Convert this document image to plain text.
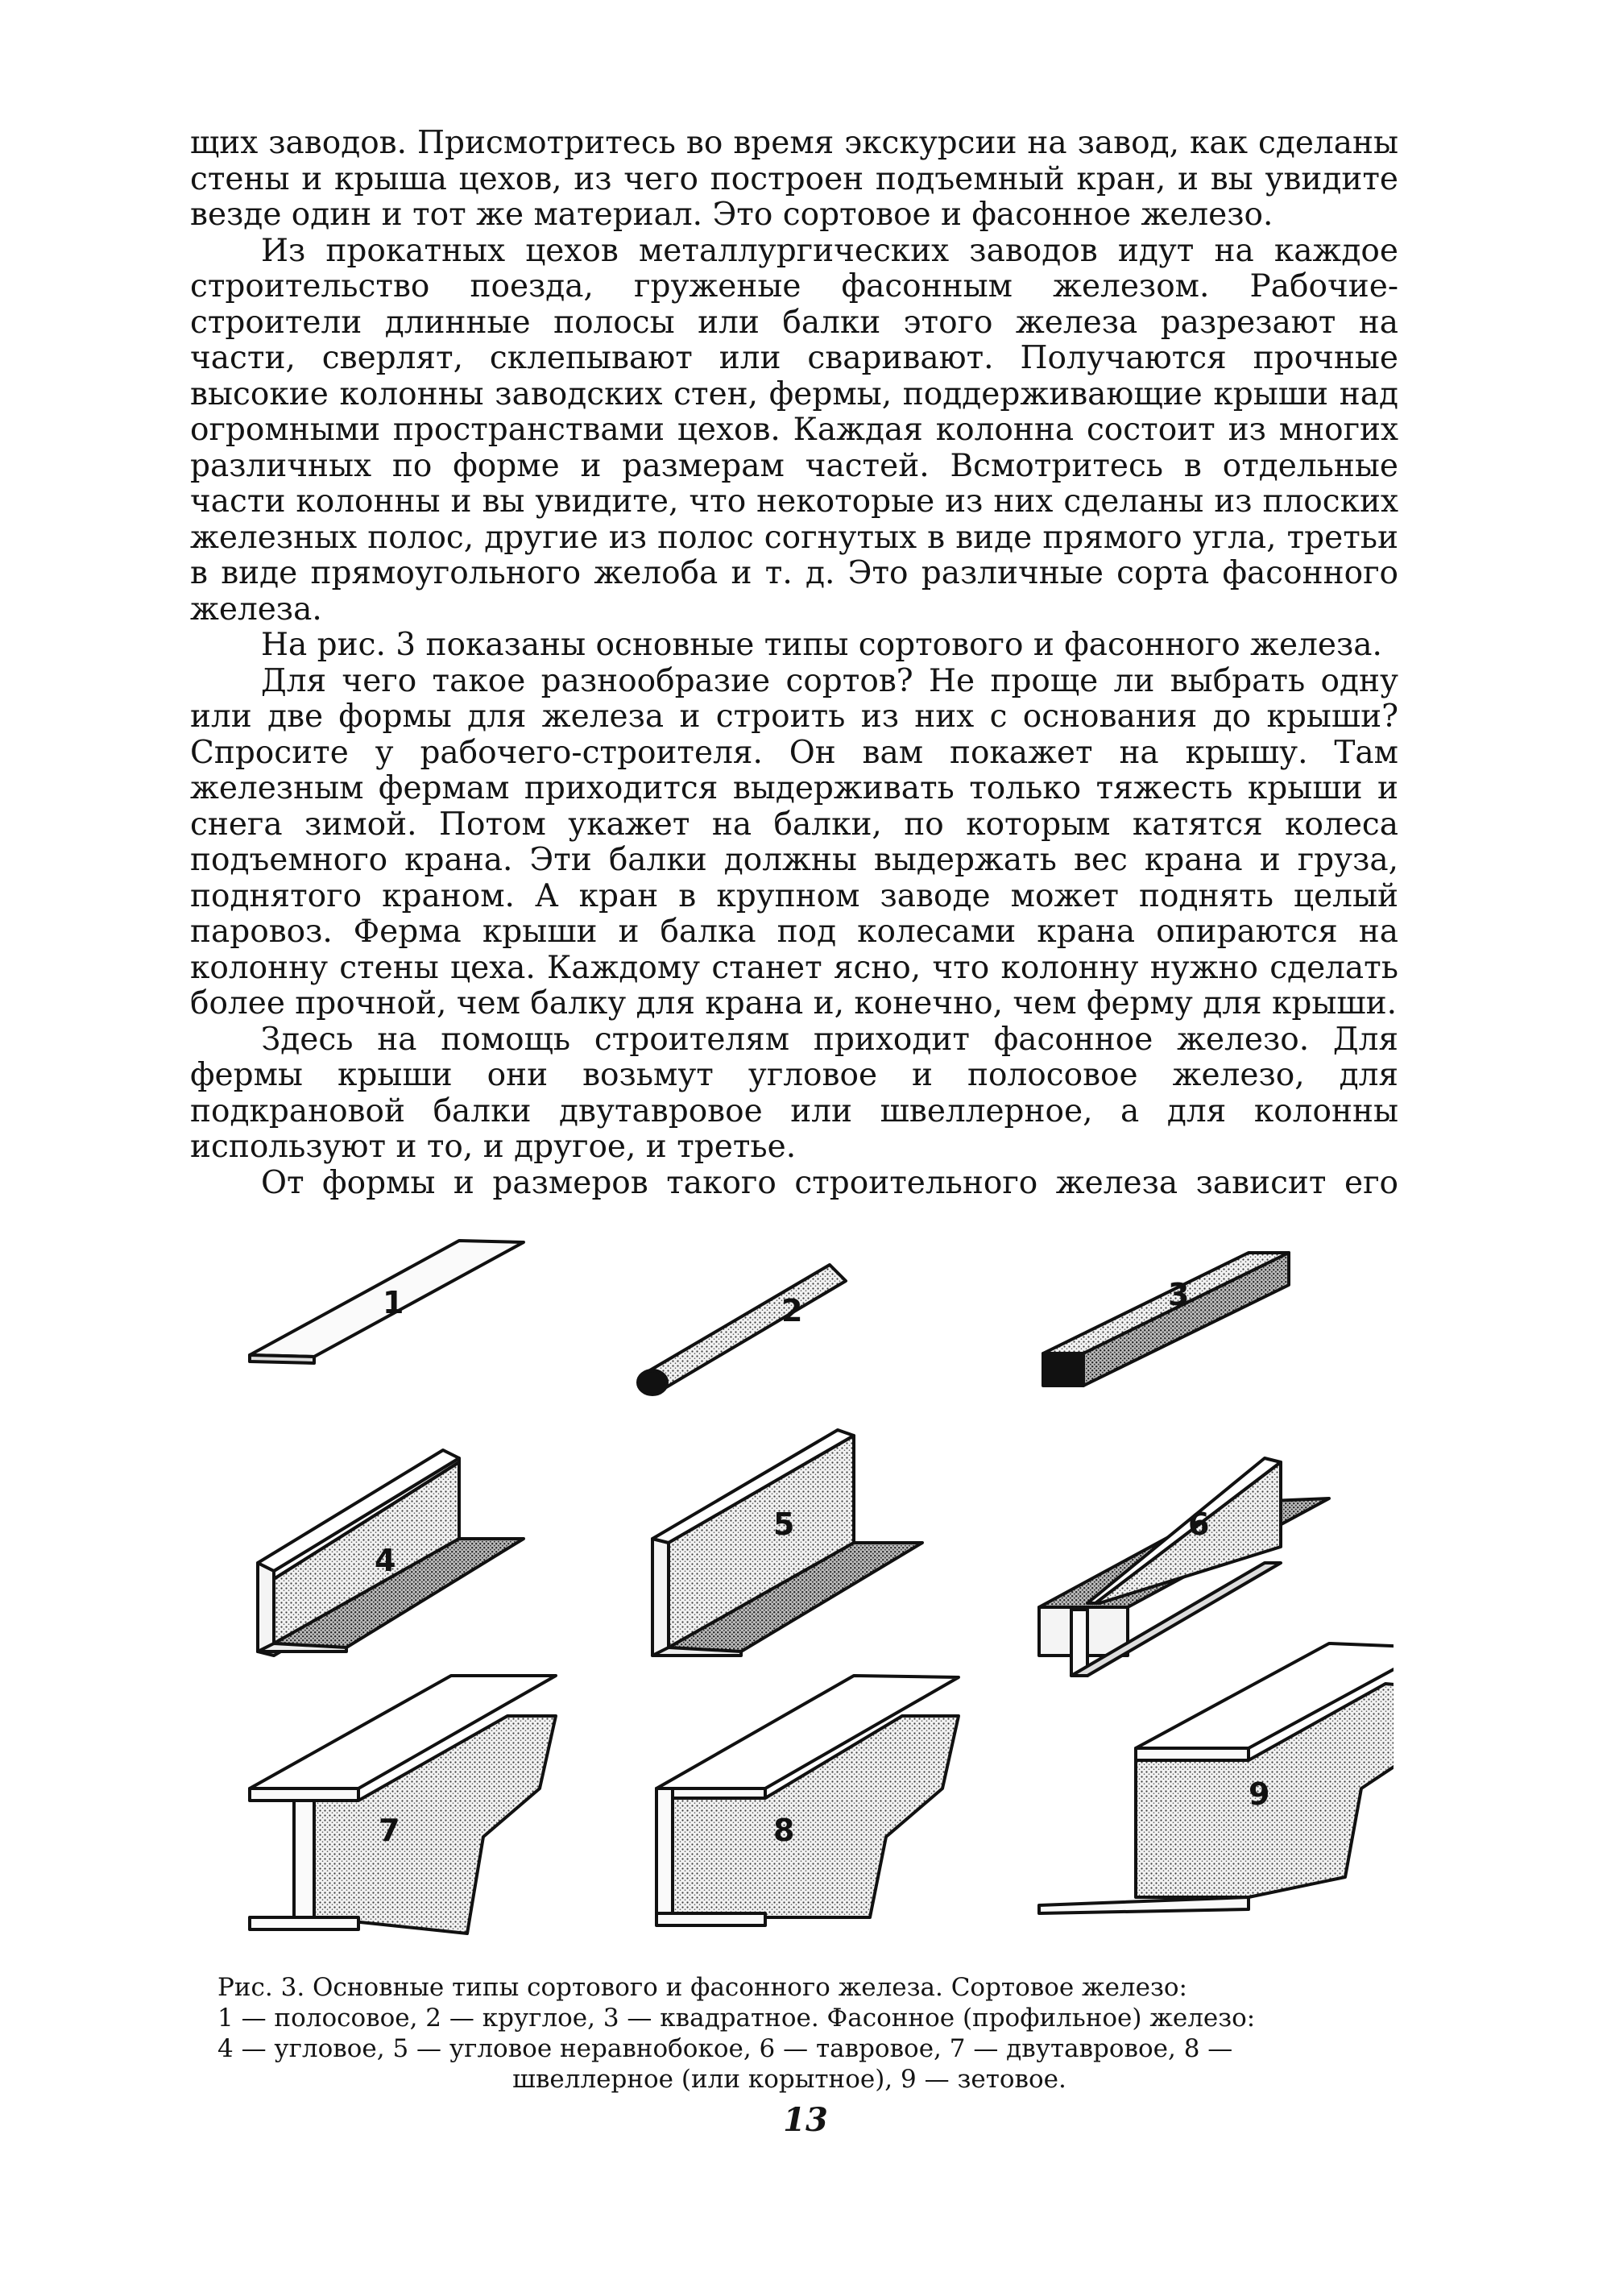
щих заводов. Присмотритесь во время экскурсии на завод, как сделаны стены и крыша цехов, из чего построен подъемный кран, и вы увидите везде один и тот же материал. Это сортовое и фасонное железо.

Из прокатных цехов металлургических заводов идут на каждое строительство поезда, груженые фасонным железом. Рабочие-строители длинные полосы или балки этого железа разрезают на части, сверлят, склепывают или сваривают. Получаются прочные высокие колонны заводских стен, фермы, поддерживающие крыши над огромными пространствами цехов. Каждая колонна состоит из многих различных по форме и размерам частей. Всмотритесь в отдельные части колонны и вы увидите, что некоторые из них сделаны из плоских железных полос, другие из полос согнутых в виде прямого угла, третьи в виде прямоугольного желоба и т. д. Это различные сорта фасонного железа.

На рис. 3 показаны основные типы сортового и фасонного железа.

Для чего такое разнообразие сортов? Не проще ли выбрать одну или две формы для железа и строить из них с основания до крыши? Спросите у рабочего-строителя. Он вам покажет на крышу. Там железным фермам приходится выдерживать только тяжесть крыши и снега зимой. Потом укажет на балки, по которым катятся колеса подъемного крана. Эти балки должны выдержать вес крана и груза, поднятого краном. А кран в крупном заводе может поднять целый паровоз. Ферма крыши и балка под колесами крана опираются на колонну стены цеха. Каждому станет ясно, что колонну нужно сделать более прочной, чем балку для крана и, конечно, чем ферму для крыши.

Здесь на помощь строителям приходит фасонное железо. Для фермы крыши они возьмут угловое и полосовое железо, для подкрановой балки двутавровое или швеллерное, а для колонны используют и то, и другое, и третье.

От формы и размеров такого строительного железа зависит его

1	2	3
4
5	6
7	8
9
Рис. 3. Основные типы сортового и фасонного железа. Сортовое железо:
1 — полосовое, 2 — круглое, 3 — квадратное. Фасонное (профильное) железо:
4 — угловое, 5 — угловое неравнобокое, 6 — тавровое, 7 — двутавровое, 8 —
швеллерное (или корытное), 9 — зетовое.
13
